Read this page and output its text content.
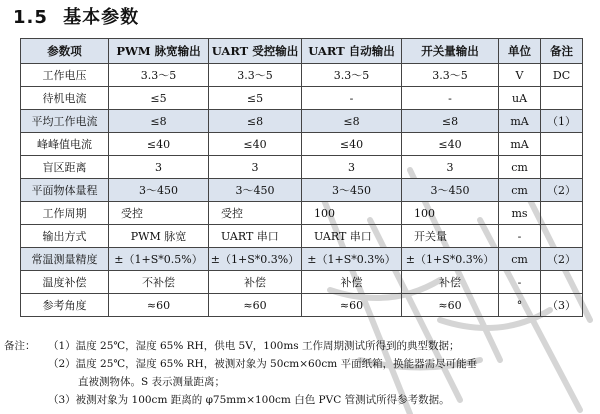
1.5 基本参数
参数项	PWM 脉宽输出	UART 受控输出	UART 自动输出	开关量输出	单位	备注
工作电压	3.3～5	3.3～5	3.3～5	3.3～5	V	DC
待机电流	≤5	≤5	-	-	uA	
平均工作电流	≤8	≤8	≤8	≤8	mA	（1）
峰峰值电流	≤40	≤40	≤40	≤40	mA	
盲区距离	3	3	3	3	cm	
平面物体量程	3～450	3～450	3～450	3～450	cm	（2）
工作周期	受控	受控	100	100	ms	
输出方式	PWM 脉宽	UART 串口	UART 串口	开关量	-	
常温测量精度	±（1+S*0.5%）	±（1+S*0.3%）	±（1+S*0.3%）	±（1+S*0.3%）	cm	（2）
温度补偿	不补偿	补偿	补偿	补偿	-	
参考角度	≈60	≈60	≈60	≈60	°	（3）
备注： （1）温度 25℃，湿度 65% RH，供电 5V，100ms 工作周期测试所得到的典型数据；
（2）温度 25℃，湿度 65% RH，被测对象为 50cm×60cm 平面纸箱，换能器需尽可能垂
直被测物体。S 表示测量距离；
（3）被测对象为 100cm 距离的 φ75mm×100cm 白色 PVC 管测试所得参考数据。
